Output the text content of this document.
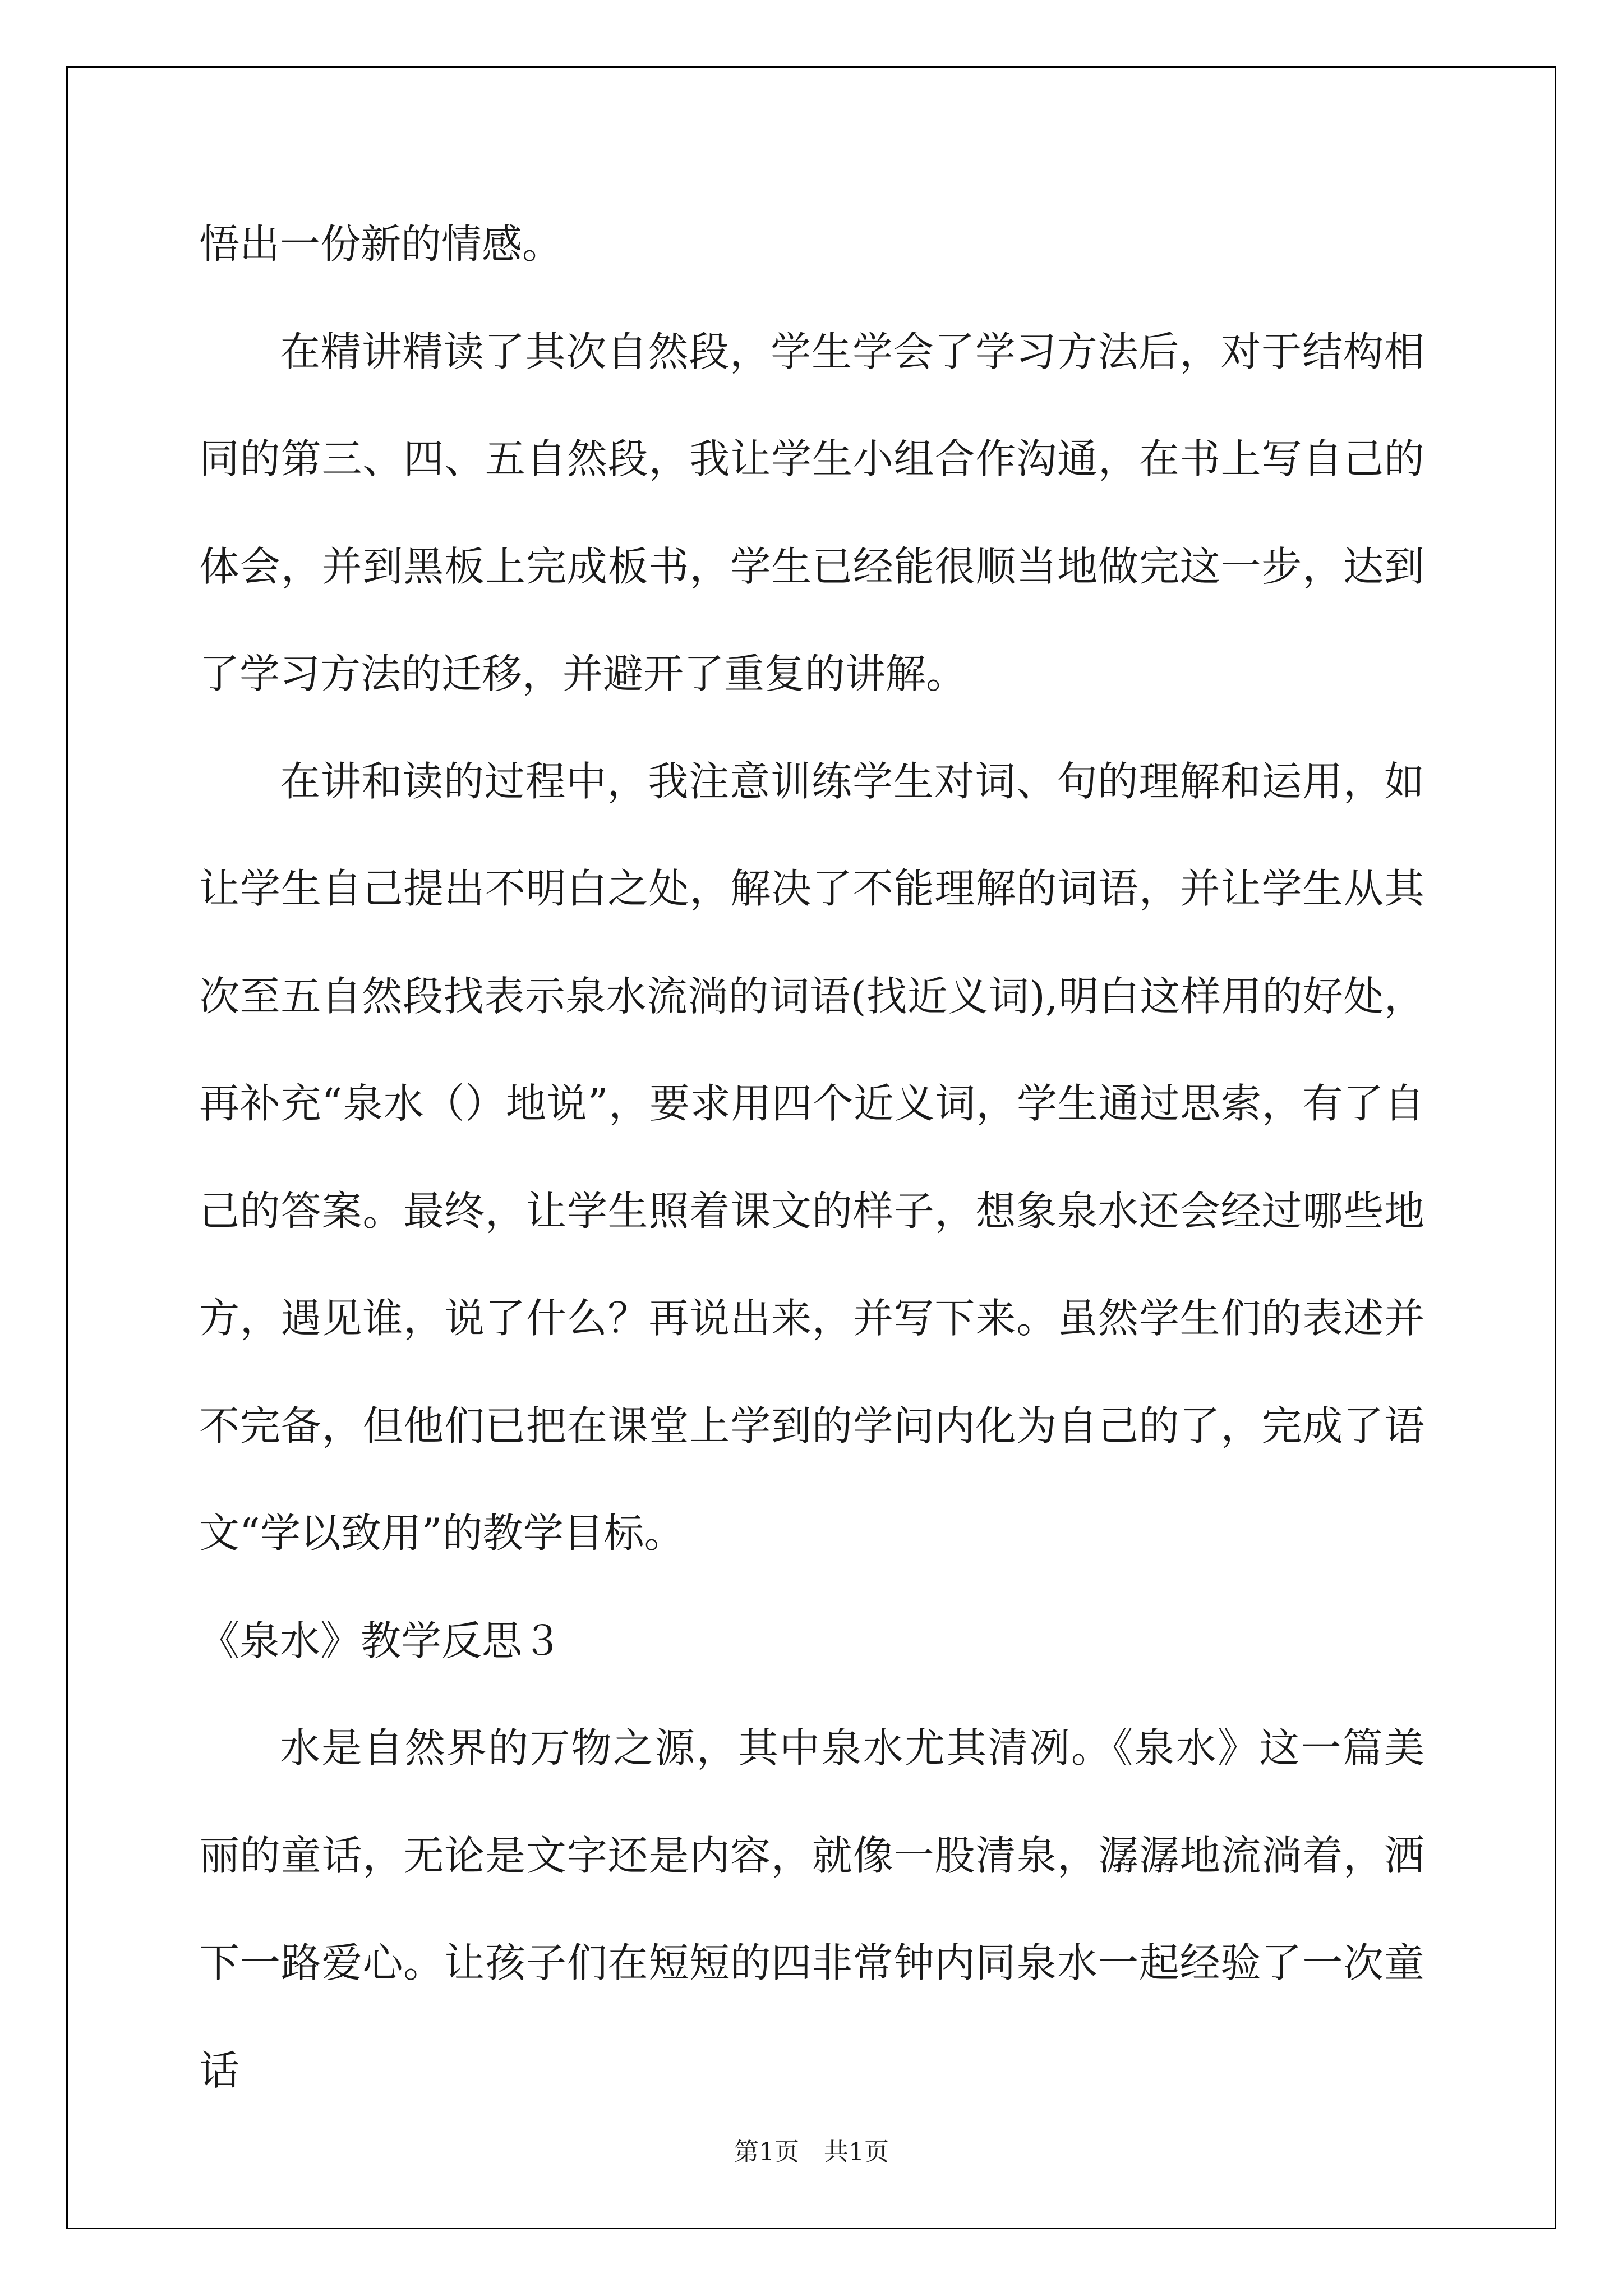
悟出一份新的情感。

在精讲精读了其次自然段，学生学会了学习方法后，对于结构相同的第三、四、五自然段，我让学生小组合作沟通，在书上写自己的体会，并到黑板上完成板书，学生已经能很顺当地做完这一步，达到了学习方法的迁移，并避开了重复的讲解。

在讲和读的过程中，我注意训练学生对词、句的理解和运用，如让学生自己提出不明白之处，解决了不能理解的词语，并让学生从其次至五自然段找表示泉水流淌的词语(找近义词),明白这样用的好处，再补充“泉水（）地说”，要求用四个近义词，学生通过思索，有了自己的答案。最终，让学生照着课文的样子，想象泉水还会经过哪些地方，遇见谁，说了什么？再说出来，并写下来。虽然学生们的表述并不完备，但他们已把在课堂上学到的学问内化为自己的了，完成了语文“学以致用”的教学目标。

《泉水》教学反思３

水是自然界的万物之源，其中泉水尤其清冽。《泉水》这一篇美丽的童话，无论是文字还是内容，就像一股清泉，潺潺地流淌着，洒下一路爱心。让孩子们在短短的四非常钟内同泉水一起经验了一次童话

第1页　共1页
